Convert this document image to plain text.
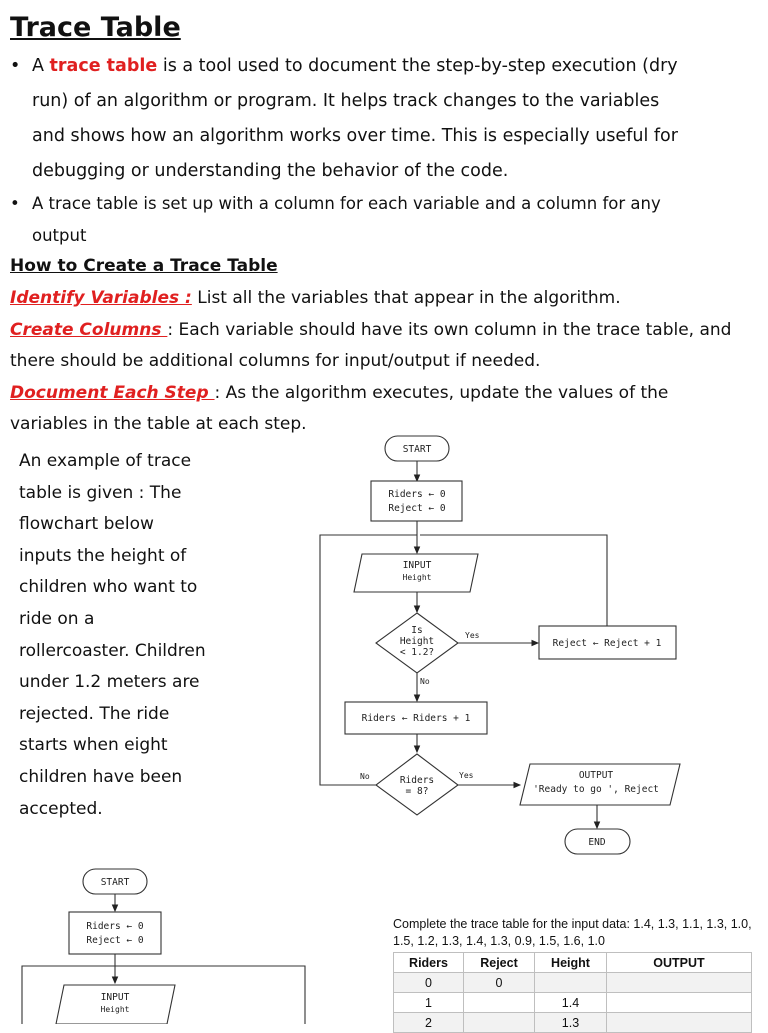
Trace Table
• A trace table is a tool used to document the step-by-step execution (dry
run) of an algorithm or program. It helps track changes to the variables
and shows how an algorithm works over time. This is especially useful for
debugging or understanding the behavior of the code.
• A trace table is set up with a column for each variable and a column for any
output
How to Create a Trace Table
Identify Variables : List all the variables that appear in the algorithm.
Create Columns : Each variable should have its own column in the trace table, and
there should be additional columns for input/output if needed.
Document Each Step : As the algorithm executes, update the values of the
variables in the table at each step.
An example of trace
table is given : The
flowchart below
inputs the height of
children who want to
ride on a
rollercoaster. Children
under 1.2 meters are
rejected. The ride
starts when eight
children have been
accepted.
START
Riders ← 0
Reject ← 0
INPUT
Height
Is
Height
< 1.2?
Yes
Reject ← Reject + 1
No
Riders ← Riders + 1
Riders
= 8?
No	Yes	OUTPUT
'Ready to go ', Reject
END
START
Riders ← 0
Reject ← 0
INPUT
Height
Complete the trace table for the input data: 1.4, 1.3, 1.1, 1.3, 1.0, 1.5, 1.2, 1.3, 1.4, 1.3, 0.9, 1.5, 1.6, 1.0
Riders	Reject	Height	OUTPUT
0	0		
1		1.4	
2		1.3	
